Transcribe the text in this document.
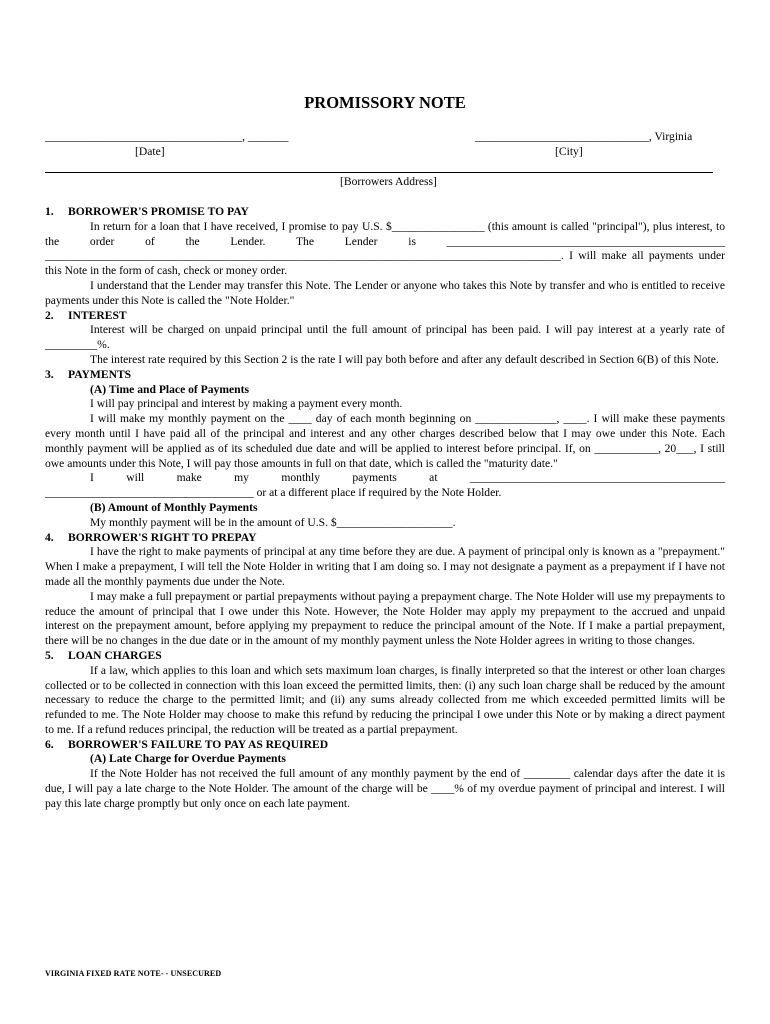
PROMISSORY NOTE
__________________________________, _______
[Date]
______________________________, Virginia
[City]
[Borrowers Address]

1. BORROWER'S PROMISE TO PAY

In return for a loan that I have received, I promise to pay U.S. $________________ (this amount is called "principal"), plus interest, to the order of the Lender. The Lender is ________________________________________________

_________________________________________________________________________________________. I will make all payments under this Note in the form of cash, check or money order.

I understand that the Lender may transfer this Note. The Lender or anyone who takes this Note by transfer and who is entitled to receive payments under this Note is called the "Note Holder."

2. INTEREST

Interest will be charged on unpaid principal until the full amount of principal has been paid. I will pay interest at a yearly rate of _________%.

The interest rate required by this Section 2 is the rate I will pay both before and after any default described in Section 6(B) of this Note.

3. PAYMENTS

(A) Time and Place of Payments

I will pay principal and interest by making a payment every month.

I will make my monthly payment on the ____ day of each month beginning on ______________, ____. I will make these payments every month until I have paid all of the principal and interest and any other charges described below that I may owe under this Note. Each monthly payment will be applied as of its scheduled due date and will be applied to interest before principal. If, on ___________, 20___, I still owe amounts under this Note, I will pay those amounts in full on that date, which is called the "maturity date."

I will make my monthly payments at ____________________________________________

____________________________________ or at a different place if required by the Note Holder.

(B) Amount of Monthly Payments

My monthly payment will be in the amount of U.S. $____________________.

4. BORROWER'S RIGHT TO PREPAY

I have the right to make payments of principal at any time before they are due. A payment of principal only is known as a "prepayment." When I make a prepayment, I will tell the Note Holder in writing that I am doing so. I may not designate a payment as a prepayment if I have not made all the monthly payments due under the Note.

I may make a full prepayment or partial prepayments without paying a prepayment charge. The Note Holder will use my prepayments to reduce the amount of principal that I owe under this Note. However, the Note Holder may apply my prepayment to the accrued and unpaid interest on the prepayment amount, before applying my prepayment to reduce the principal amount of the Note. If I make a partial prepayment, there will be no changes in the due date or in the amount of my monthly payment unless the Note Holder agrees in writing to those changes.

5. LOAN CHARGES

If a law, which applies to this loan and which sets maximum loan charges, is finally interpreted so that the interest or other loan charges collected or to be collected in connection with this loan exceed the permitted limits, then: (i) any such loan charge shall be reduced by the amount necessary to reduce the charge to the permitted limit; and (ii) any sums already collected from me which exceeded permitted limits will be refunded to me. The Note Holder may choose to make this refund by reducing the principal I owe under this Note or by making a direct payment to me. If a refund reduces principal, the reduction will be treated as a partial prepayment.

6. BORROWER'S FAILURE TO PAY AS REQUIRED

(A) Late Charge for Overdue Payments

If the Note Holder has not received the full amount of any monthly payment by the end of ________ calendar days after the date it is due, I will pay a late charge to the Note Holder. The amount of the charge will be ____% of my overdue payment of principal and interest. I will pay this late charge promptly but only once on each late payment.

VIRGINIA FIXED RATE NOTE- - UNSECURED
